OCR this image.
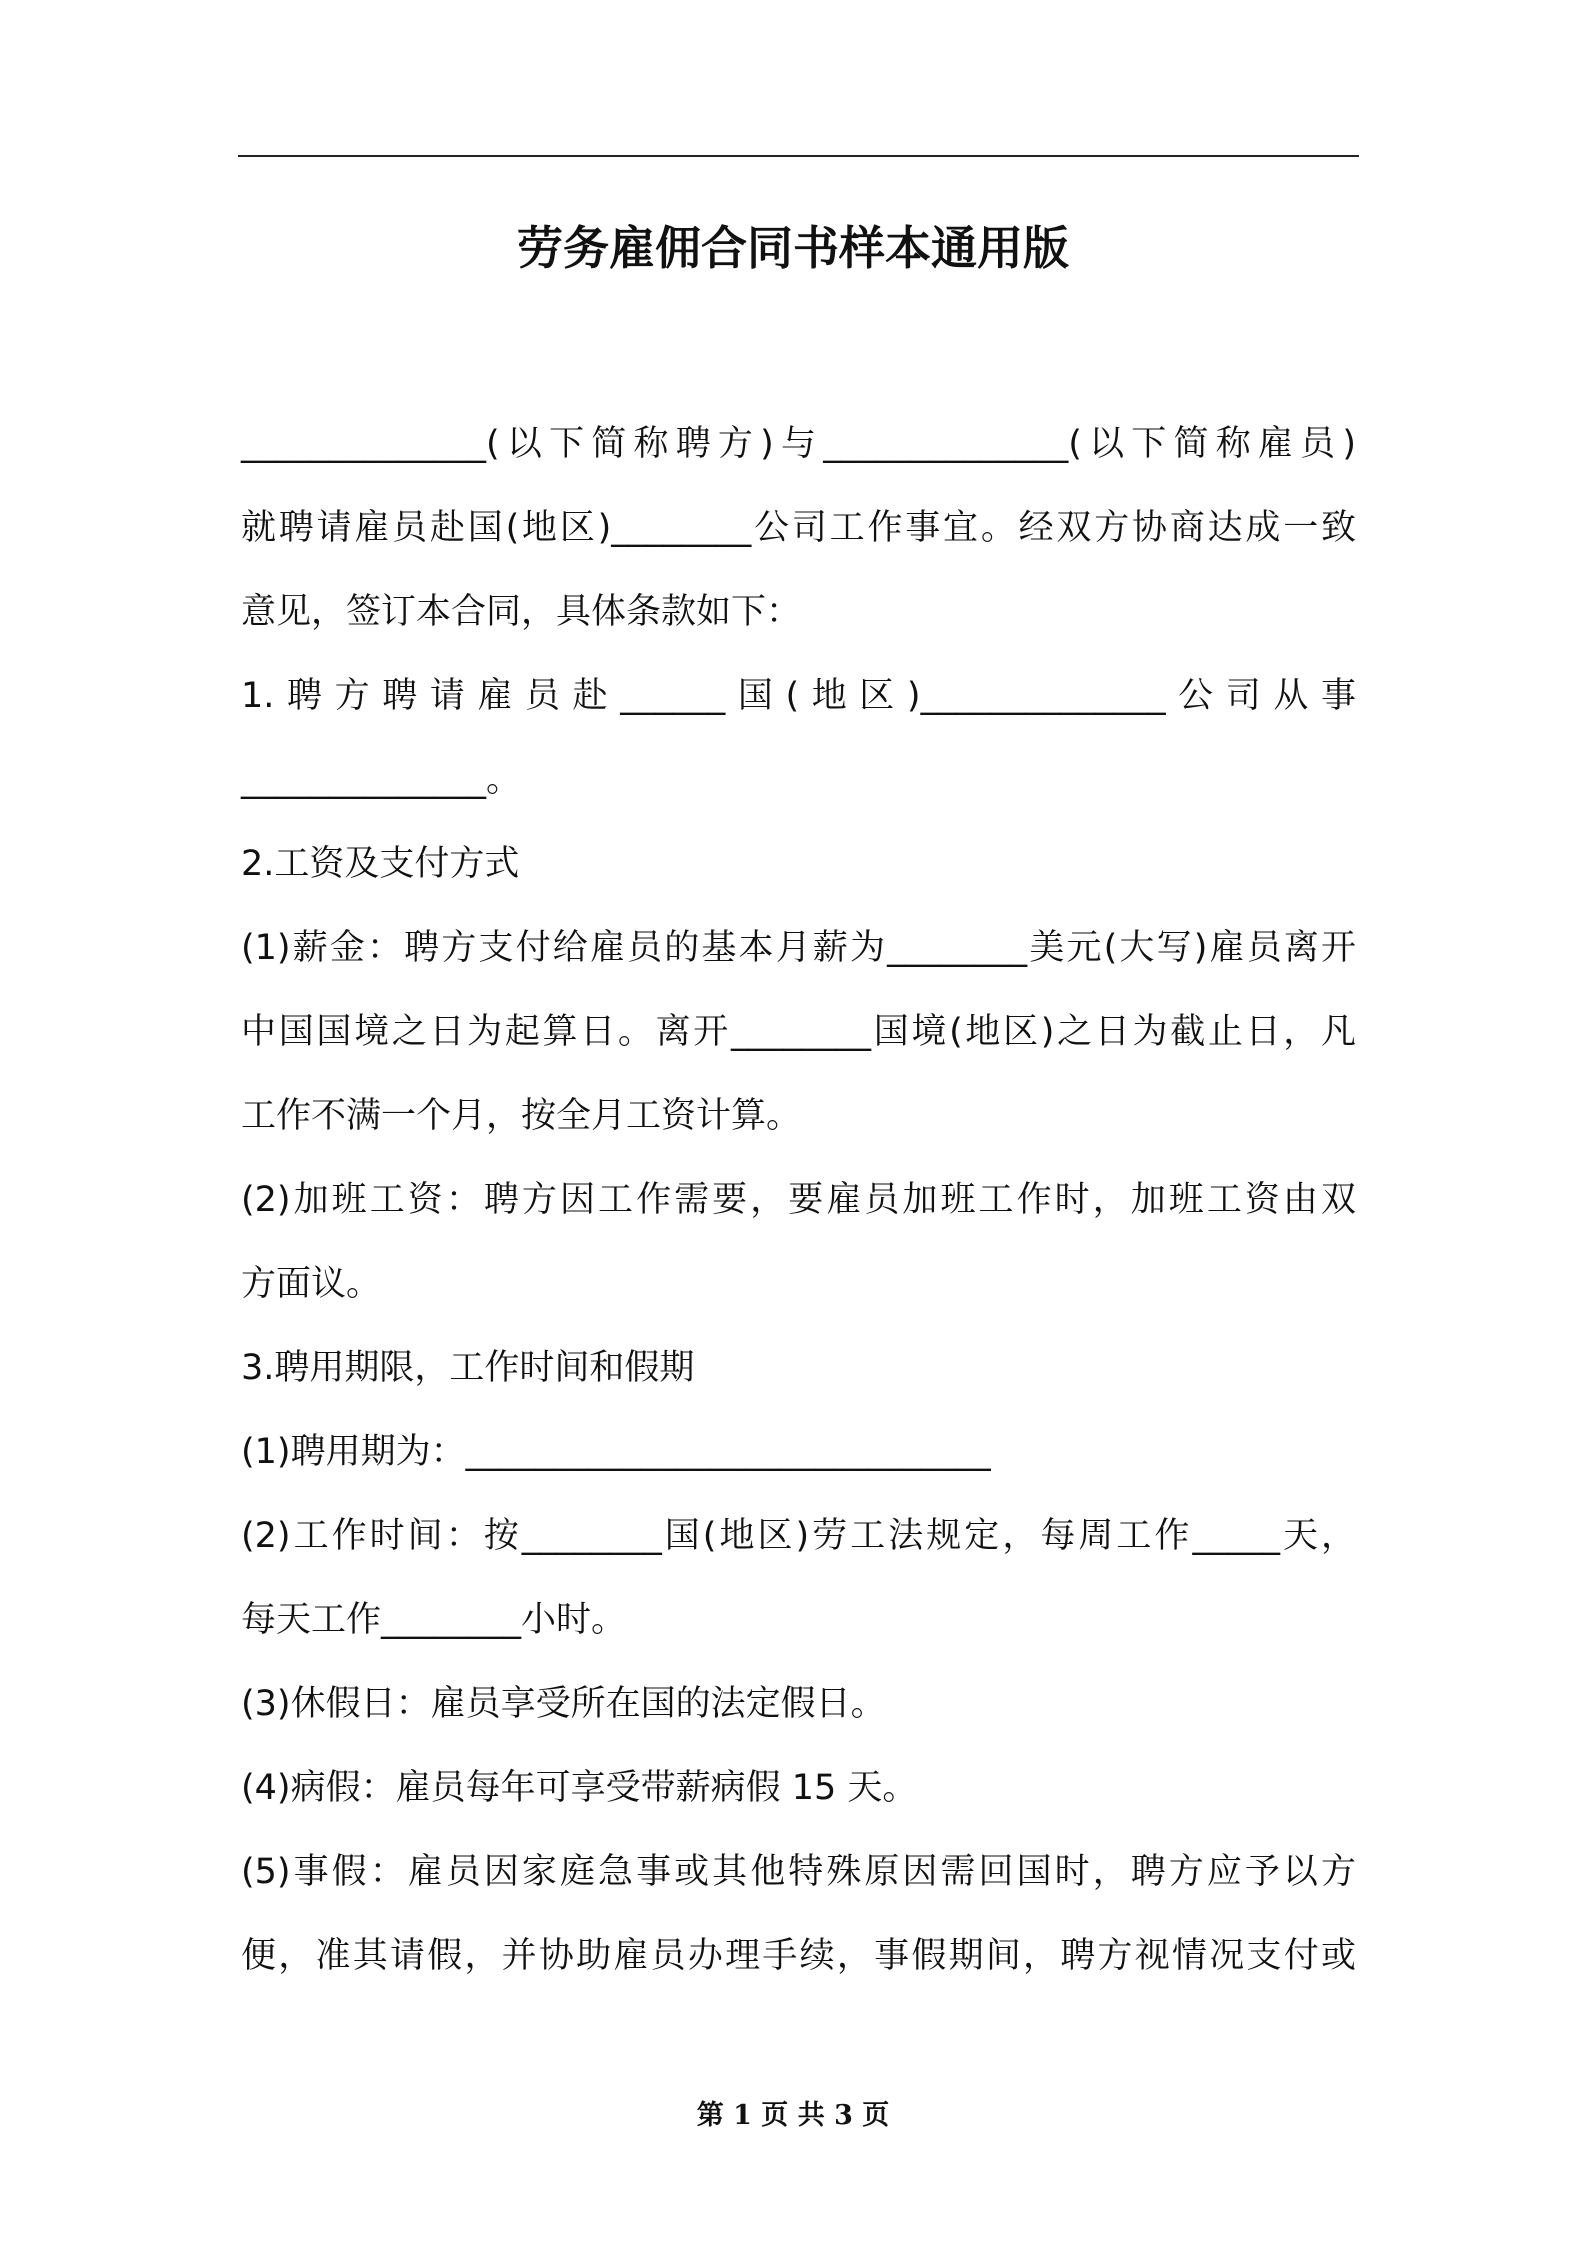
劳务雇佣合同书样本通用版
______________(以下简称聘方)与______________(以下简称雇员)
就聘请雇员赴国(地区)________公司工作事宜。经双方协商达成一致
意见，签订本合同，具体条款如下：
1.聘方聘请雇员赴______国(地区)______________公司从事
______________。
2.工资及支付方式
(1)薪金：聘方支付给雇员的基本月薪为________美元(大写)雇员离开
中国国境之日为起算日。离开________国境(地区)之日为截止日，凡
工作不满一个月，按全月工资计算。
(2)加班工资：聘方因工作需要，要雇员加班工作时，加班工资由双
方面议。
3.聘用期限，工作时间和假期
(1)聘用期为：______________________________
(2)工作时间：按________国(地区)劳工法规定，每周工作_____天，
每天工作________小时。
(3)休假日：雇员享受所在国的法定假日。
(4)病假：雇员每年可享受带薪病假 15 天。
(5)事假：雇员因家庭急事或其他特殊原因需回国时，聘方应予以方
便，准其请假，并协助雇员办理手续，事假期间，聘方视情况支付或
第 1 页 共 3 页
